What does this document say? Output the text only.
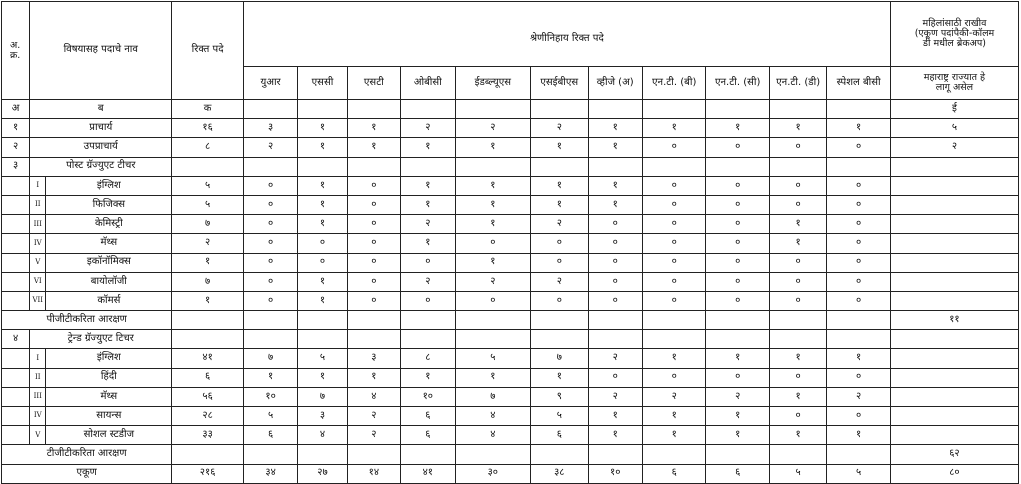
अ.
क्र.	विषयासह पदाचे नाव		रिक्त पदे	श्रेणीनिहाय रिक्त पदे											महिलांसाठी राखीव
(एकूण पदांपैकी-कॉलम
डी मधील ब्रेकअप)
				युआर	एससी	एसटी	ओबीसी	ईडब्ल्यूएस	एसईबीएस	व्हीजे (अ)	एन.टी. (बी)	एन.टी. (सी)	एन.टी. (डी)	स्पेशल बीसी	महाराष्ट्र राज्यात हे
लागू असेल
अ	ब		क												ई
१	प्राचार्य		१६	३	१	१	२	२	२	१	१	१	१	१	५
२	उपप्राचार्य		८	२	१	१	१	१	१	१	०	०	०	०	२
३	पोस्ट ग्रॅज्युएट टीचर														
	I	इंग्लिश	५	०	१	०	१	१	१	१	०	०	०	०	
	II	फिजिक्स	५	०	१	०	१	१	१	१	०	०	०	०	
	III	केमिस्ट्री	७	०	१	०	२	१	२	०	०	०	१	०	
	IV	मॅथ्स	२	०	०	०	१	०	०	०	०	०	१	०	
	V	इकॉनॉमिक्स	१	०	०	०	०	१	०	०	०	०	०	०	
	VI	बायोलॉजी	७	०	१	०	२	२	२	०	०	०	०	०	
	VII	कॉमर्स	१	०	१	०	०	०	०	०	०	०	०	०	
पीजीटीकरिता आरक्षण															११
४	ट्रेन्ड ग्रॅज्युएट टिचर														
	I	इंग्लिश	४१	७	५	३	८	५	७	२	१	१	१	१	
	II	हिंदी	६	१	१	१	१	१	१	०	०	०	०	०	
	III	मॅथ्स	५६	१०	७	४	१०	७	९	२	२	२	१	२	
	IV	सायन्स	२८	५	३	२	६	४	५	१	१	१	०	०	
	V	सोशल स्टडीज	३३	६	४	२	६	४	६	१	१	१	१	१	
टीजीटीकरिता आरक्षण															६२
एकूण			२१६	३४	२७	१४	४१	३०	३८	१०	६	६	५	५	८०
